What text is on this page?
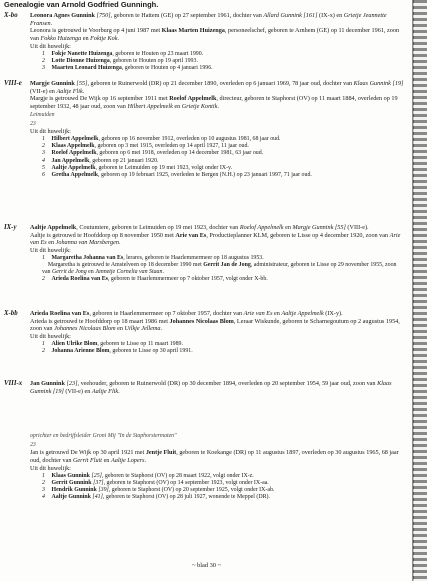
Genealogie van Arnold Godfried Gunningh.
X-bo Leonora Agnes Gunnink [750], geboren te Hattem (GE) op 27 september 1961, dochter van Allard Gunnink [161] (IX-x) en Grietje Jeannette Fransen.
Leonora is getrouwd te Voorburg op 4 juni 1987 met Klaas Marten Huizenga, personeelschef, geboren te Arnhem (GE) op 11 december 1961, zoon van Fokko Huizenga en Foktje Kok.
Uit dit huwelijk:
1 Fokje Nanette Huizenga, geboren te Houten op 23 maart 1990.
2 Lotte Dionne Huizenga, geboren te Houten op 19 april 1993.
3 Maarten Leonard Huizenga, geboren te Houten op 4 januari 1996.
VIII-e Margje Gunnink [55], geboren te Ruinerwold (DR) op 21 december 1890, overleden op 6 januari 1969, 78 jaar oud, dochter van Klaas Gunnink [19] (VII-e) en Aaltje Flik.
Margje is getrouwd De Wijk op 16 september 1911 met Roelof Appelmelk, directeur, geboren te Staphorst (OV) op 11 maart 1884, overleden op 19 september 1932, 48 jaar oud, zoon van Hilbert Appelmelk en Grietje Kontik.
Leimuiden
23
Uit dit huwelijk:
1 Hilbert Appelmelk, geboren op 16 november 1912, overleden op 10 augustus 1981, 68 jaar oud.
2 Klaas Appelmelk, geboren op 3 mei 1915, overleden op 14 april 1927, 11 jaar oud.
3 Roelof Appelmelk, geboren op 6 mei 1918, overleden op 14 december 1981, 63 jaar oud.
4 Jan Appelmelk, geboren op 21 januari 1920.
5 Aaltje Appelmelk, geboren te Leimuiden op 19 mei 1923, volgt onder IX-y.
6 Gretha Appelmelk, geboren op 19 februari 1925, overleden te Bergen (N.H.) op 23 januari 1997, 71 jaar oud.
IX-y Aaltje Appelmelk, Coutumiere, geboren te Leimuiden op 19 mei 1923, dochter van Roelof Appelmelk en Margje Gunnink [55] (VIII-e).
Aaltje is getrouwd te Hoofddorp op 8 november 1950 met Arie van Es, Productieplanner KLM, geboren te Lisse op 4 december 1920, zoon van Arie van Es en Johanna van Marsbergen.
Uit dit huwelijk:
1 Margaretha Johanna van Es, lerares, geboren te Haarlemmermeer op 18 augustus 1953.
Margaretha is getrouwd te Amstelveen op 18 december 1990 met Gerrit Jan de Jong, administrateur, geboren te Lisse op 29 november 1955, zoon van Gerrit de Jong en Jannetje Cornelia van Staan.
2 Arieda Roelina van Es, geboren te Haarlemmermeer op 7 oktober 1957, volgt onder X-bb.
X-bb Arieda Roelina van Es, geboren te Haarlemmermeer op 7 oktober 1957, dochter van Arie van Es en Aaltje Appelmelk (IX-y).
Arieda is getrouwd te Hoofddorp op 18 maart 1986 met Johannes Nicolaas Blom, Leraar Wiskunde, geboren te Scharnegoutum op 2 augustus 1954, zoon van Johannes Nicolaas Blom en Uilkje Jellema.
Uit dit huwelijk:
1 Alien Ulrike Blom, geboren te Lisse op 11 maart 1989.
2 Johanna Arienne Blom, geboren te Lisse op 30 april 1991.
VIII-x Jan Gunnink [23], veehouder, geboren te Ruinerwold (DR) op 30 december 1894, overleden op 20 september 1954, 59 jaar oud, zoon van Klaas Gunnink [19] (VII-e) en Aaltje Flik.
oprichter en bedrijfsleider Groni Mij "In de Staphorstermaten"
23
Jan is getrouwd De Wijk op 30 april 1921 met Jentje Fluit, geboren te Koekange (DR) op 11 augustus 1897, overleden op 30 augustus 1965, 68 jaar oud, dochter van Gerrit Fluit en Aaltje Lopers.
Uit dit huwelijk:
1 Klaas Gunnink [25], geboren te Staphorst (OV) op 28 maart 1922, volgt onder IX-z.
2 Gerrit Gunnink [37], geboren te Staphorst (OV) op 14 september 1923, volgt onder IX-aa.
3 Hendrik Gunnink [39], geboren te Staphorst (OV) op 20 september 1925, volgt onder IX-ab.
4 Aaltje Gunnink [41], geboren te Staphorst (OV) op 28 juli 1927, wonende te Meppel (DR).
~ blad 30 ~
